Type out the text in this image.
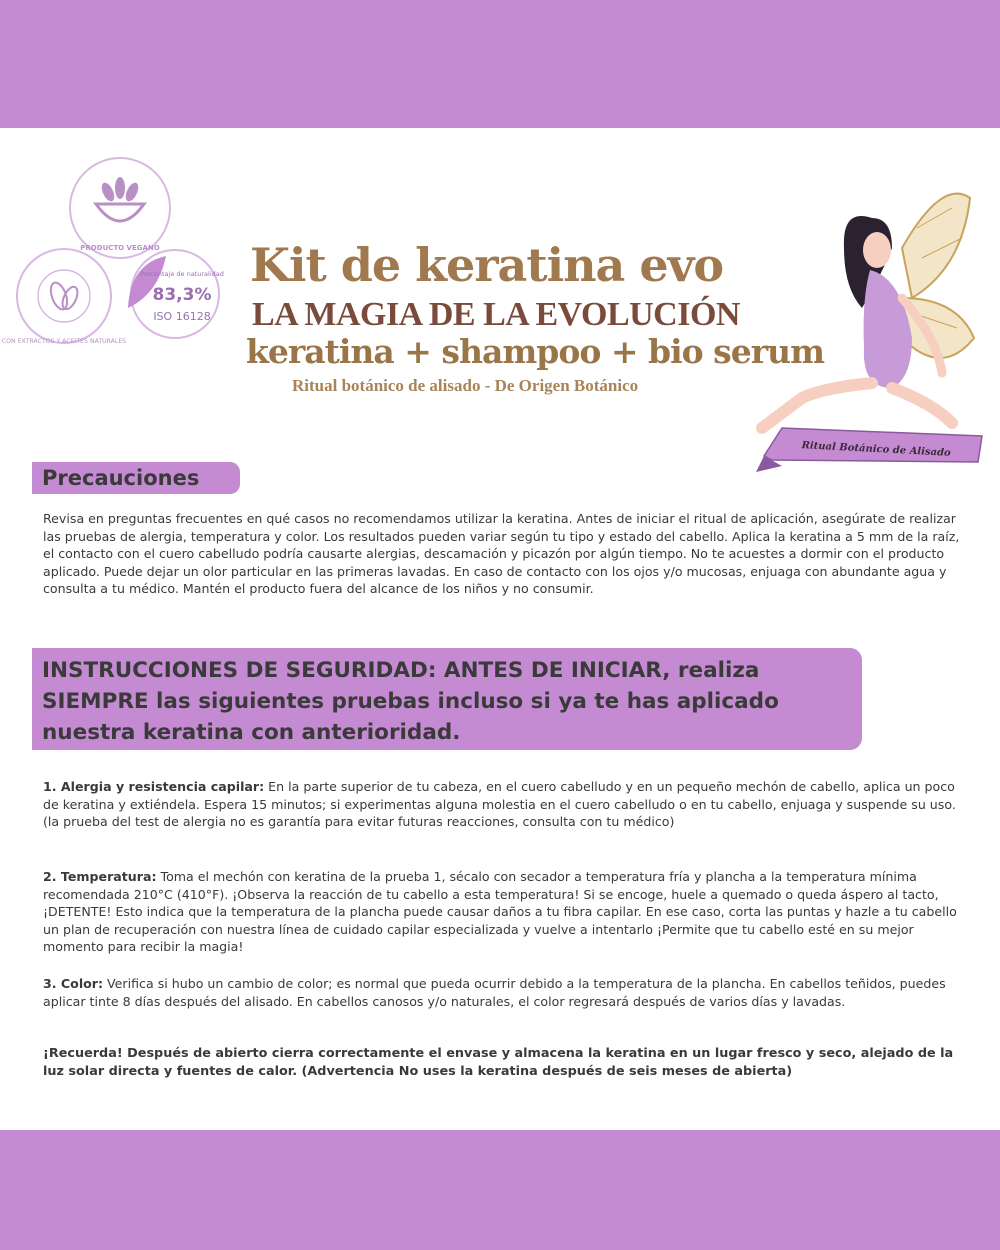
PRODUCTO VEGANO
CON EXTRACTOS Y ACEITES NATURALES
Porcentaje de naturalidad
83,3%
ISO 16128
Kit de keratina evo
LA MAGIA DE LA EVOLUCIÓN
keratina + shampoo + bio serum
Ritual botánico de alisado - De Origen Botánico
Ritual Botánico de Alisado
Precauciones
Revisa en preguntas frecuentes en qué casos no recomendamos utilizar la keratina. Antes de iniciar el ritual de aplicación, asegúrate de realizar las pruebas de alergia, temperatura y color. Los resultados pueden variar según tu tipo y estado del cabello. Aplica la keratina a 5 mm de la raíz, el contacto con el cuero cabelludo podría causarte alergias, descamación y picazón por algún tiempo. No te acuestes a dormir con el producto aplicado. Puede dejar un olor particular en las primeras lavadas. En caso de contacto con los ojos y/o mucosas, enjuaga con abundante agua y consulta a tu médico. Mantén el producto fuera del alcance de los niños y no consumir.
INSTRUCCIONES DE SEGURIDAD: ANTES DE INICIAR, realiza SIEMPRE las siguientes pruebas incluso si ya te has aplicado nuestra keratina con anterioridad.
1. Alergia y resistencia capilar: En la parte superior de tu cabeza, en el cuero cabelludo y en un pequeño mechón de cabello, aplica un poco de keratina y extiéndela. Espera 15 minutos; si experimentas alguna molestia en el cuero cabelludo o en tu cabello, enjuaga y suspende su uso. (la prueba del test de alergia no es garantía para evitar futuras reacciones, consulta con tu médico)
2. Temperatura: Toma el mechón con keratina de la prueba 1, sécalo con secador a temperatura fría y plancha a la temperatura mínima recomendada 210°C (410°F). ¡Observa la reacción de tu cabello a esta temperatura! Si se encoge, huele a quemado o queda áspero al tacto, ¡DETENTE! Esto indica que la temperatura de la plancha puede causar daños a tu fibra capilar. En ese caso, corta las puntas y hazle a tu cabello un plan de recuperación con nuestra línea de cuidado capilar especializada y vuelve a intentarlo ¡Permite que tu cabello esté en su mejor momento para recibir la magia!
3. Color: Verifica si hubo un cambio de color; es normal que pueda ocurrir debido a la temperatura de la plancha. En cabellos teñidos, puedes aplicar tinte 8 días después del alisado. En cabellos canosos y/o naturales, el color regresará después de varios días y lavadas.
¡Recuerda! Después de abierto cierra correctamente el envase y almacena la keratina en un lugar fresco y seco, alejado de la luz solar directa y fuentes de calor. (Advertencia No uses la keratina después de seis meses de abierta)
